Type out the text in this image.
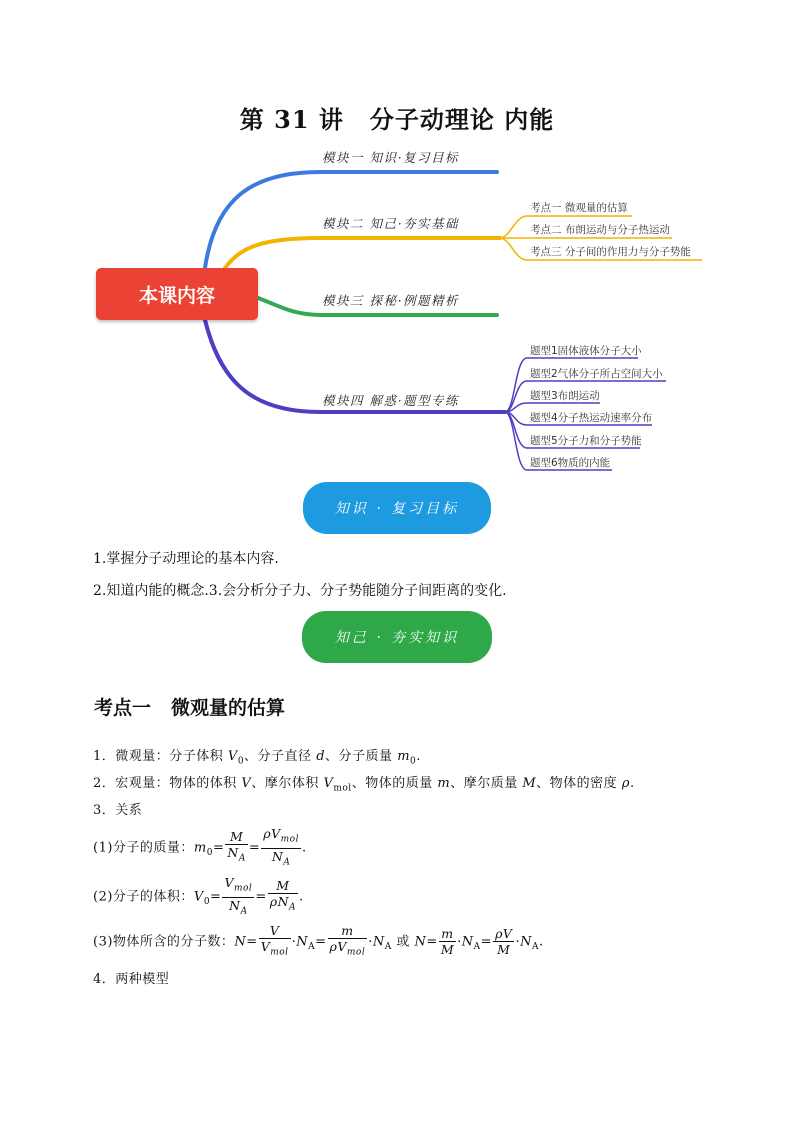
第 31 讲 分子动理论 内能
本课内容
模块一 知识·复习目标
模块二 知己·夯实基础
模块三 探秘·例题精析
模块四 解惑·题型专练
考点一 微观量的估算
考点二 布朗运动与分子热运动
考点三 分子间的作用力与分子势能
题型1固体液体分子大小
题型2气体分子所占空间大小
题型3布朗运动
题型4分子热运动速率分布
题型5分子力和分子势能
题型6物质的内能
知识 · 复习目标
1.掌握分子动理论的基本内容.
2.知道内能的概念.3.会分析分子力、分子势能随分子间距离的变化.
知己 · 夯实知识
考点一 微观量的估算
1．微观量：分子体积 $V_0$、分子直径 d、分子质量 $m_0$.
2．宏观量：物体的体积 V、摩尔体积 $V_{mol}$、物体的质量 m、摩尔质量 M、物体的密度 ρ.
3．关系
(1)分子的质量：$m_0= \frac{M}{N_A} = \frac{\rho V_{mol}}{N_A}$ .
(2)分子的体积：$V_0= \frac{V_{mol}}{N_A} = \frac{M}{\rho N_A}$ .
(3)物体所含的分子数：$N= \frac{V}{V_{mol}} \cdot N_A= \frac{m}{\rho V_{mol}} \cdot N_A$ 或 $N= \frac{m}{M} \cdot N_A= \frac{\rho V}{M} \cdot N_A$.
4．两种模型
